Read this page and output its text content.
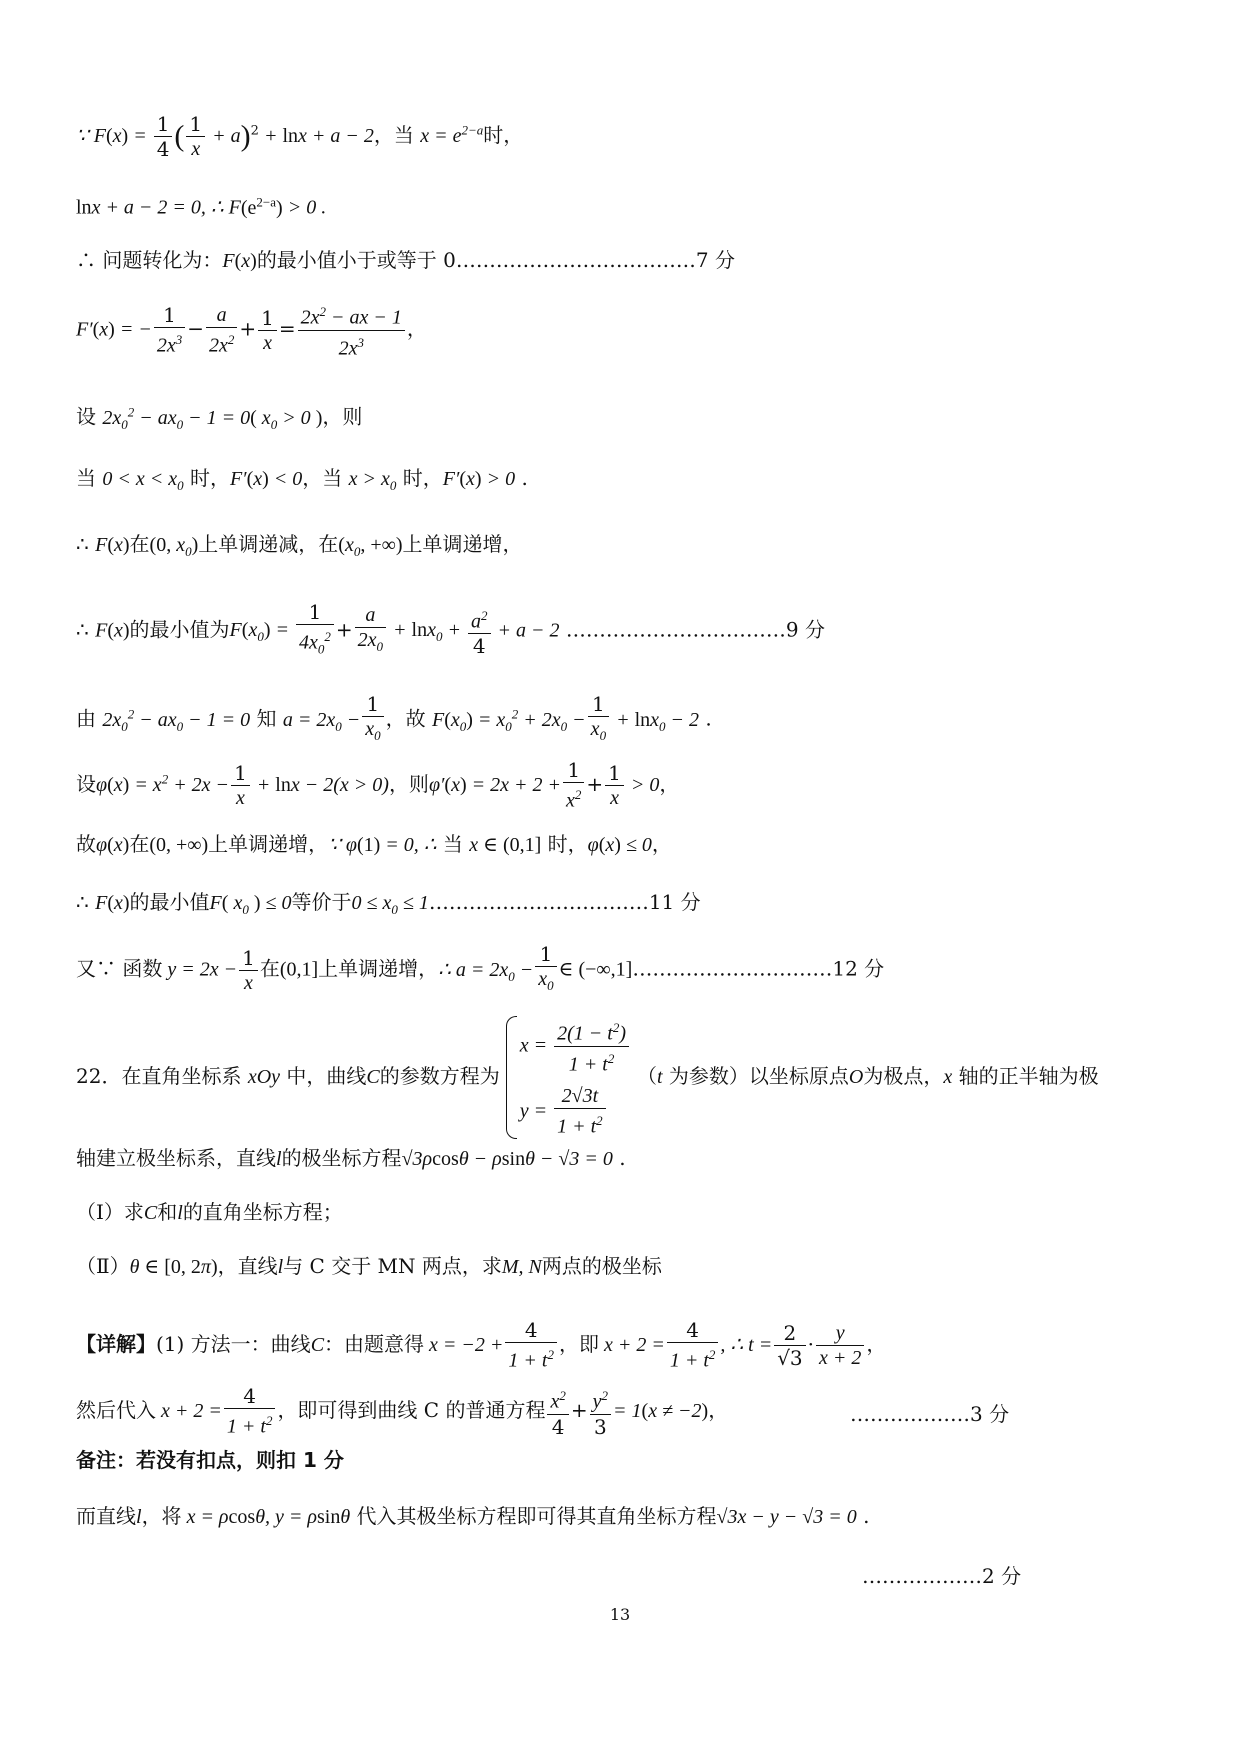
∵ $F(x) = \frac{1}{4}$ ( $\frac{1}{x} + a)^2 + \ln x + a - 2$，当 $x = e^{2-a}$时，
lnx + a − 2 = 0, ∴ $F(e^{2-a}) > 0$ .
∴ 问题转化为：F(x)的最小值小于或等于 0………………………………7 分
F′(x) = − $\frac{1}{2x^3} - \frac{a}{2x^2} + \frac{1}{x} = \frac{2x^2 - ax - 1}{2x^3}$ ，
设 $2x_0^2 - ax_0 - 1 = 0$( $x_0 > 0$ )，则
当 $0 < x < x_0$ 时，F′(x) < 0，当 $x > x_0$ 时，F′(x) > 0 .
∴ F(x)在(0, $x_0$)上单调递减，在($x_0$, +∞)上单调递增，
∴ F(x)的最小值为$F(x_0) = \frac{1}{4x_0^2} + \frac{a}{2x_0} + \ln x_0 + \frac{a^2}{4} + a - 2$ ……………………………9 分
由 $2x_0^2 - ax_0 - 1 = 0$ 知 $a = 2x_0 - \frac{1}{x_0}$ ，故 $F(x_0) = x_0^2 + 2x_0 - \frac{1}{x_0} + \ln x_0 - 2$ .
设$\varphi(x) = x^2 + 2x - \frac{1}{x} + \ln x - 2(x > 0)$，则$\varphi'(x) = 2x + 2 + \frac{1}{x^2} + \frac{1}{x} > 0$，
故φ(x)在(0, +∞)上单调递增，∵ φ(1) = 0, ∴ 当 x ∈ (0,1] 时，φ(x) ≤ 0，
∴ F(x)的最小值F( $x_0$ ) ≤ 0等价于$0 \le x_0$ ≤ 1……………………………11 分
又∵ 函数 $y = 2x - \frac{1}{x}$ 在(0,1]上单调递增，∴ $a = 2x_0 - \frac{1}{x_0}$ ∈ (−∞,1]…………………………12 分
22．在直角坐标系 xOy 中，曲线C的参数方程为
$x = \frac{2(1 - t^2)}{1 + t^2}$
$y = \frac{2√3t}{1 + t^2}$
（t 为参数）以坐标原点O为极点，x 轴的正半轴为极
轴建立极坐标系，直线l的极坐标方程√3ρcosθ − ρsinθ − √3 = 0 .
（Ⅰ）求C和l的直角坐标方程；
（Ⅱ）θ ∈ [0, 2π)，直线l与 C 交于 MN 两点，求M, N两点的极坐标
【详解】(1) 方法一：曲线C：由题意得 $x = -2 + \frac{4}{1 + t^2}$ ，即 $x + 2 = \frac{4}{1 + t^2}$ , ∴ $t = \frac{2}{√3} \cdot \frac{y}{x + 2}$ ，
然后代入 $x + 2 = \frac{4}{1 + t^2}$ ，即可得到曲线 C 的普通方程 $\frac{x^2}{4} + \frac{y^2}{3} = 1(x \ne -2)$，	………………3 分
备注：若没有扣点，则扣 1 分
而直线l，将 x = ρcosθ, y = ρsinθ 代入其极坐标方程即可得其直角坐标方程√3x − y − √3 = 0 .
………………2 分
13
